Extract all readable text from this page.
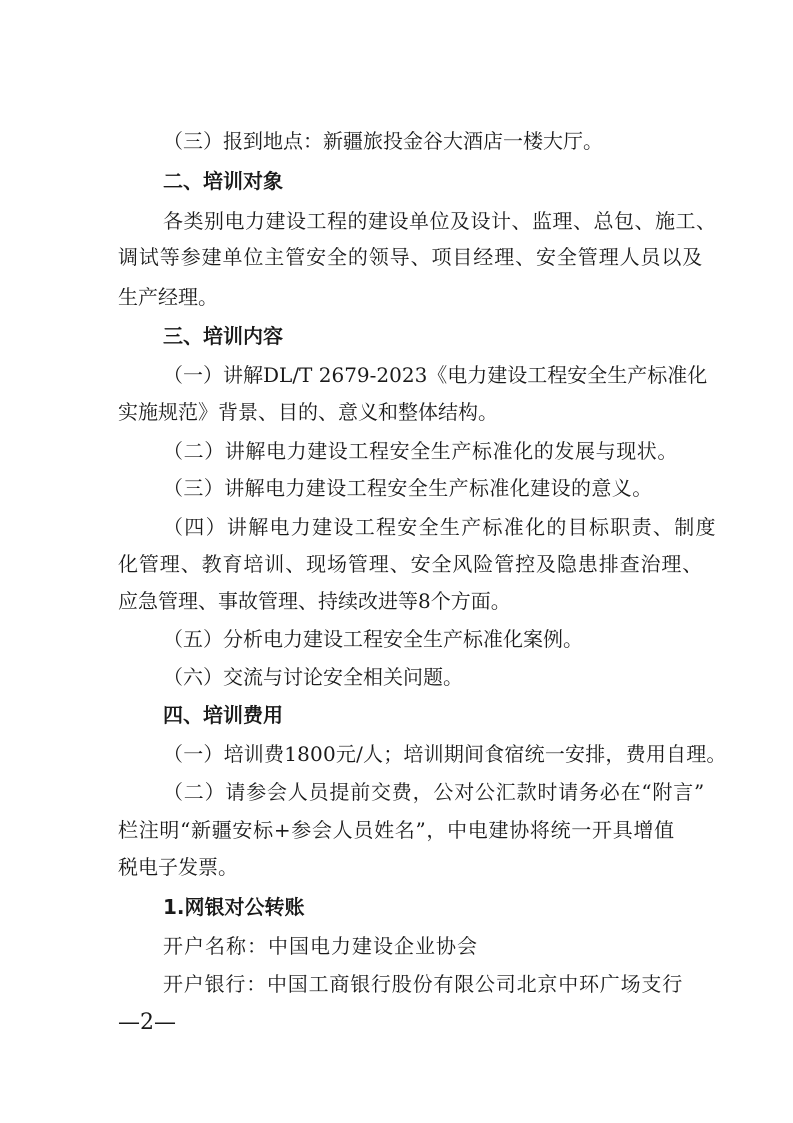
（三）报到地点：新疆旅投金谷大酒店一楼大厅。
二、培训对象
各类别电力建设工程的建设单位及设计、监理、总包、施工、
调试等参建单位主管安全的领导、项目经理、安全管理人员以及
生产经理。
三、培训内容
（一）讲解DL/T 2679-2023《电力建设工程安全生产标准化
实施规范》背景、目的、意义和整体结构。
（二）讲解电力建设工程安全生产标准化的发展与现状。
（三）讲解电力建设工程安全生产标准化建设的意义。
（四）讲解电力建设工程安全生产标准化的目标职责、制度
化管理、教育培训、现场管理、安全风险管控及隐患排查治理、
应急管理、事故管理、持续改进等8个方面。
（五）分析电力建设工程安全生产标准化案例。
（六）交流与讨论安全相关问题。
四、培训费用
（一）培训费1800元/人；培训期间食宿统一安排，费用自理。
（二）请参会人员提前交费，公对公汇款时请务必在“附言”
栏注明“新疆安标+参会人员姓名”，中电建协将统一开具增值
税电子发票。
1.网银对公转账
开户名称：中国电力建设企业协会
开户银行：中国工商银行股份有限公司北京中环广场支行
—2—
